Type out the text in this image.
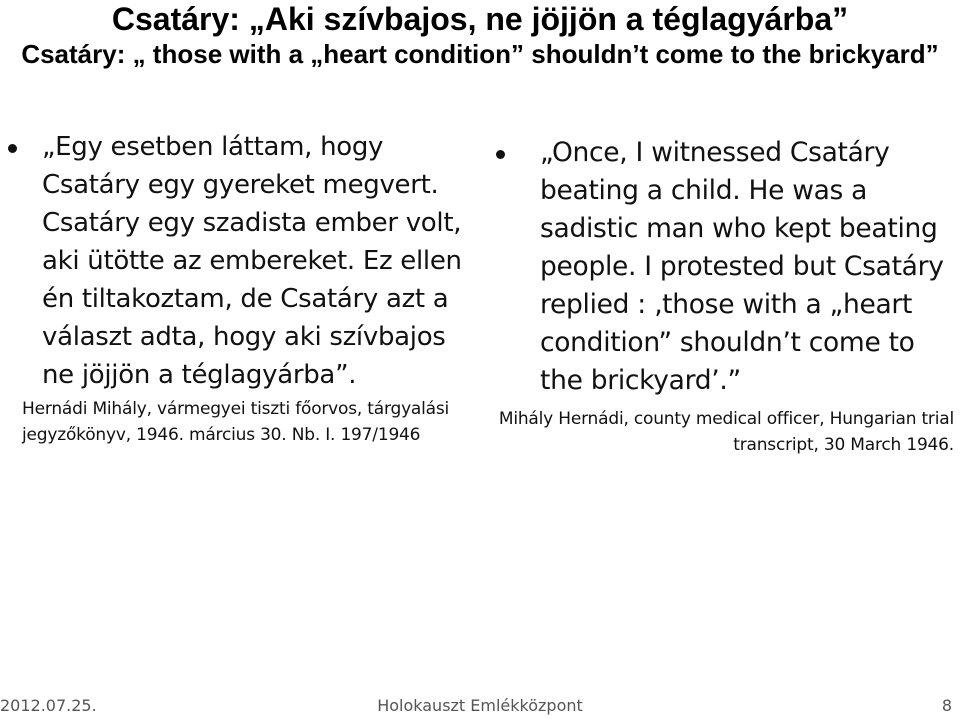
Csatáry: „Aki szívbajos, ne jöjjön a téglagyárba”
Csatáry: „ those with a „heart condition” shouldn’t come to the brickyard”
„Egy esetben láttam, hogy Csatáry egy gyereket megvert. Csatáry egy szadista ember volt, aki ütötte az embereket. Ez ellen én tiltakoztam, de Csatáry azt a választ adta, hogy aki szívbajos ne jöjjön a téglagyárba”.
Hernádi Mihály, vármegyei tiszti főorvos, tárgyalási jegyzőkönyv, 1946. március 30. Nb. I. 197/1946
„Once, I witnessed Csatáry beating a child. He was a sadistic man who kept beating people. I protested but Csatáry replied : ‚those with a „heart condition” shouldn’t come to the brickyard’.”
Mihály Hernádi, county medical officer, Hungarian trial transcript, 30 March 1946.
2012.07.25.	Holokauszt Emlékközpont	8
